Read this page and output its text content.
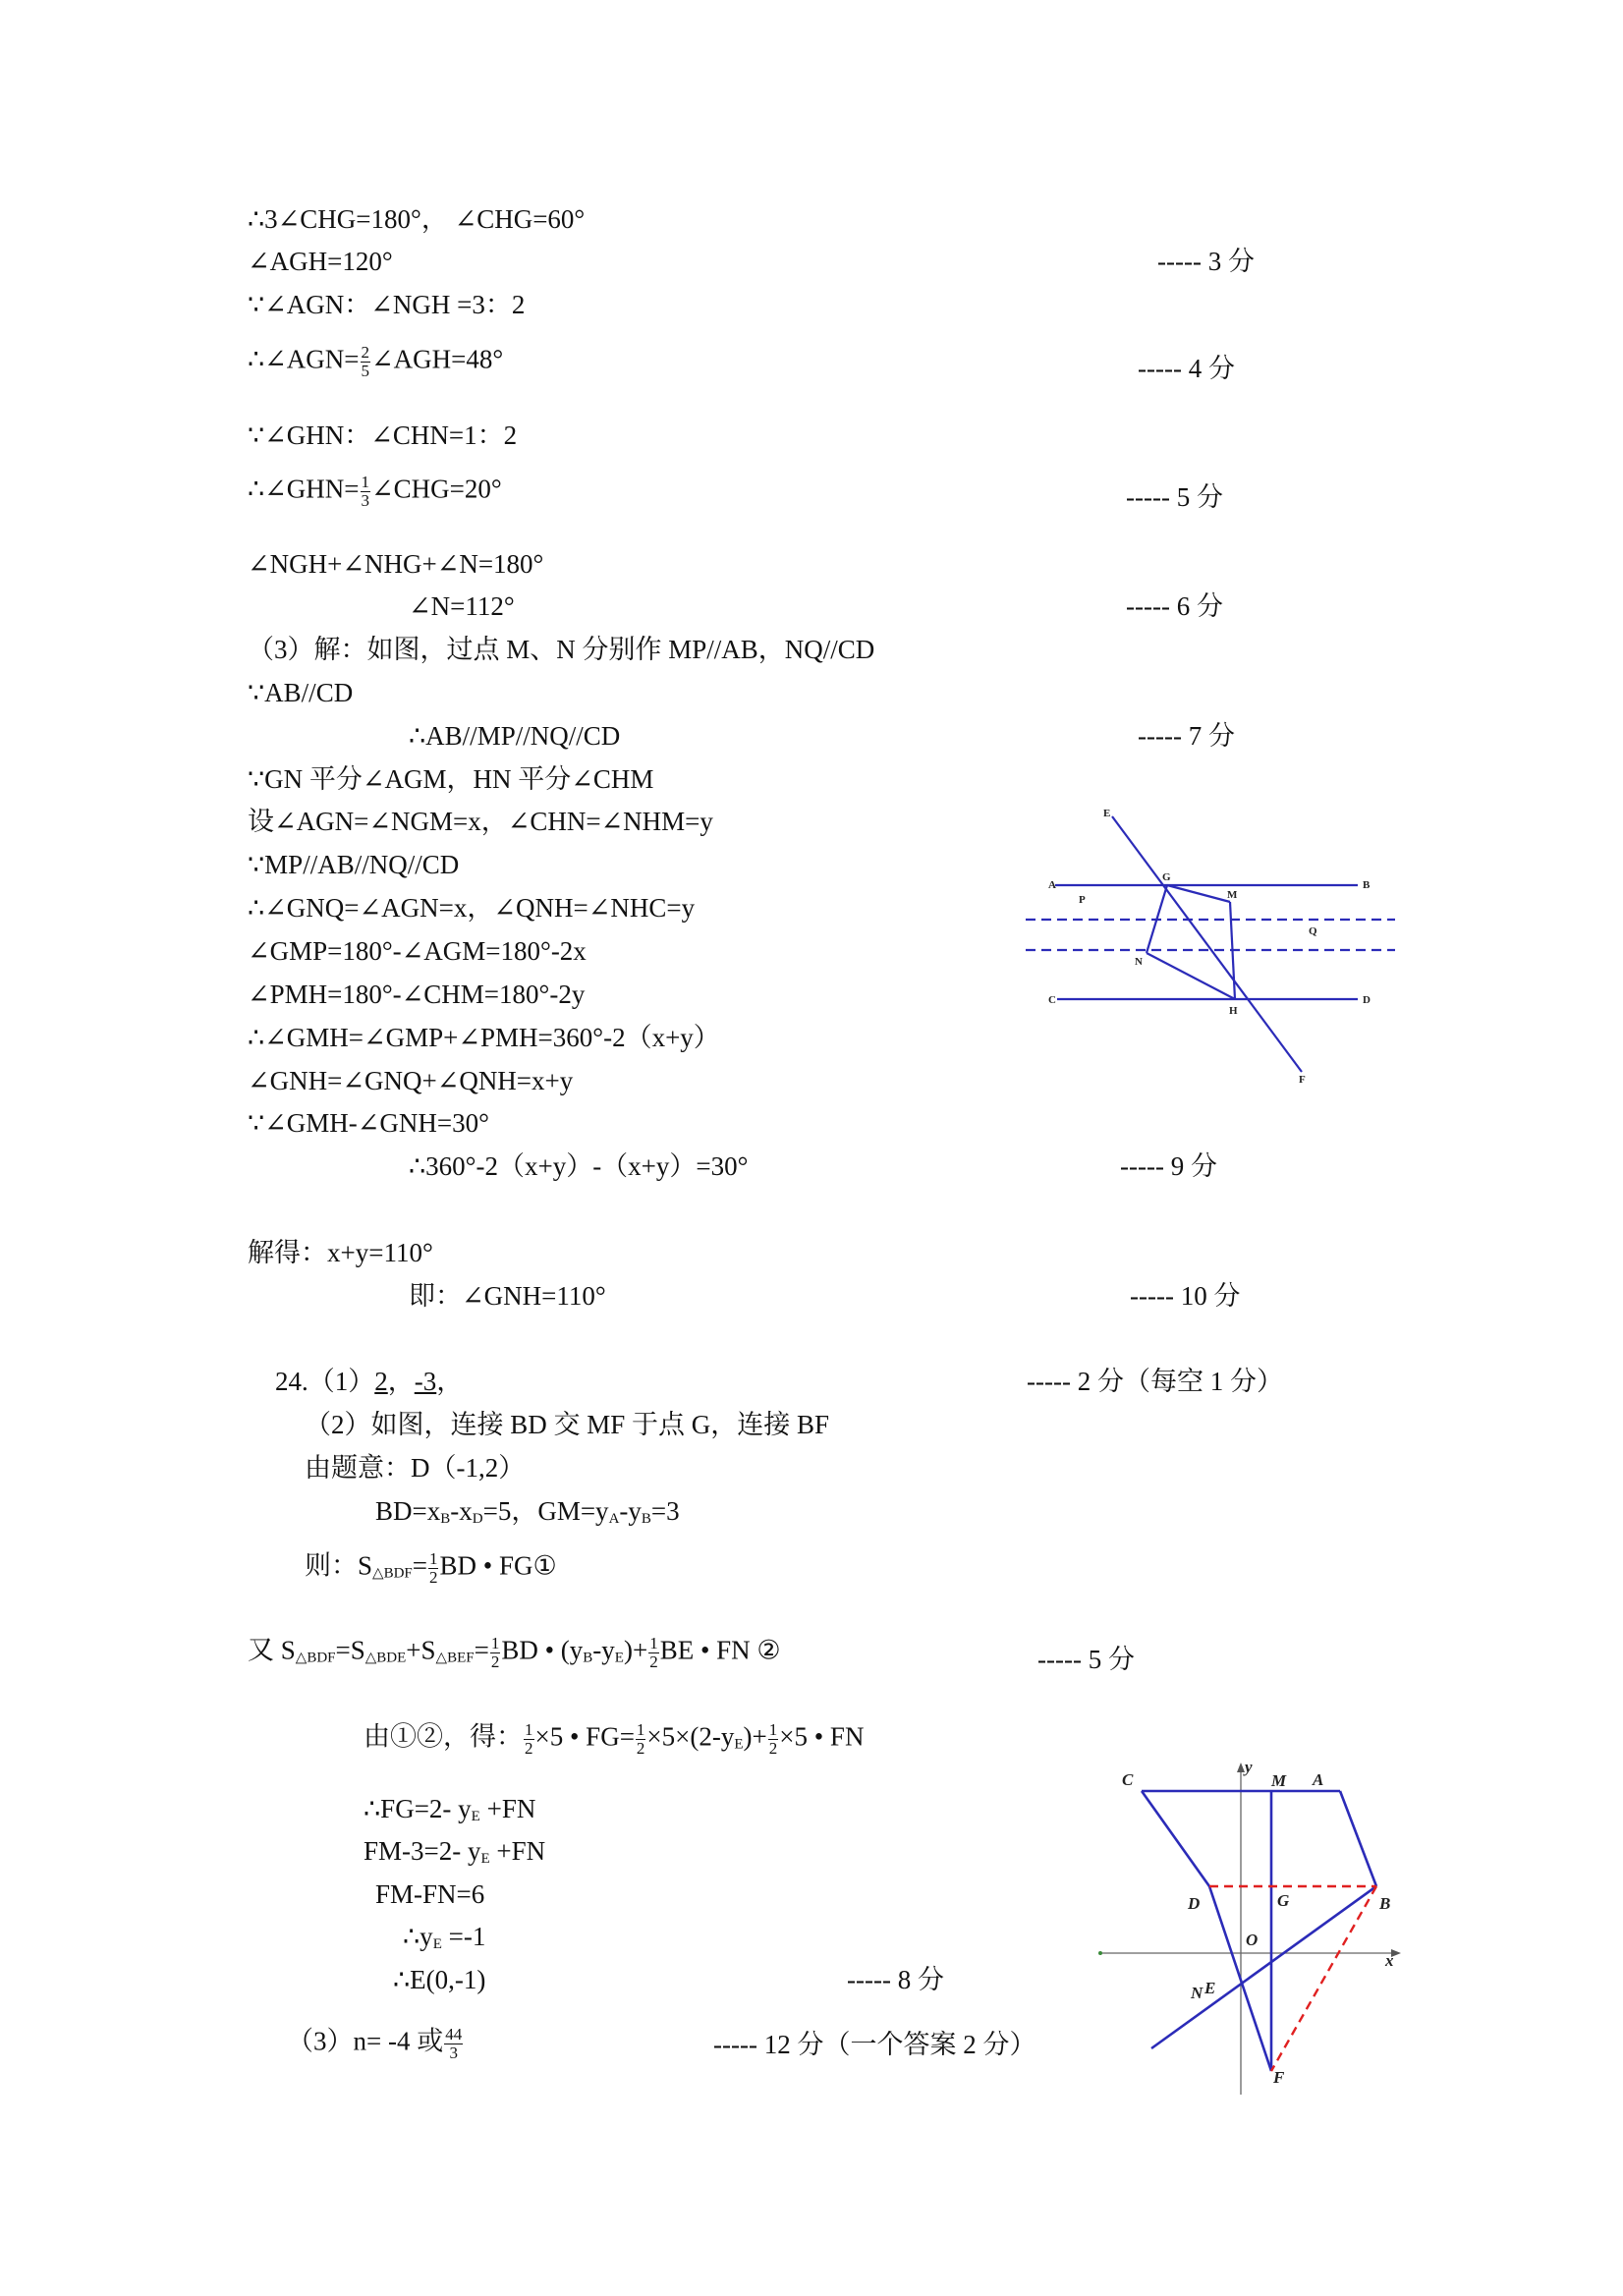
∴3∠CHG=180°， ∠CHG=60°
∠AGH=120°	----- 3 分
∵∠AGN：∠NGH =3：2
∴∠AGN= $\frac{2}{5}$ ∠AGH=48°	----- 4 分
∵∠GHN：∠CHN=1：2
∴∠GHN= $\frac{1}{3}$ ∠CHG=20°	----- 5 分
∠NGH+∠NHG+∠N=180°
∠N=112°	----- 6 分
（3）解：如图，过点 M、N 分别作 MP//AB，NQ//CD
∵AB//CD
∴AB//MP//NQ//CD	----- 7 分
∵GN 平分∠AGM，HN 平分∠CHM
设∠AGN=∠NGM=x，∠CHN=∠NHM=y
∵MP//AB//NQ//CD
∴∠GNQ=∠AGN=x，∠QNH=∠NHC=y
∠GMP=180°-∠AGM=180°-2x
∠PMH=180°-∠CHM=180°-2y
∴∠GMH=∠GMP+∠PMH=360°-2（x+y）
∠GNH=∠GNQ+∠QNH=x+y
∵∠GMH-∠GNH=30°
∴360°-2（x+y）-（x+y）=30°	----- 9 分
解得：x+y=110°
即：∠GNH=110°	----- 10 分
E
A	B
P
G
M
Q
N
C	D
H
F
24.（1）2，-3，	----- 2 分（每空 1 分）
（2）如图，连接 BD 交 MF 于点 G，连接 BF
由题意：D（-1,2）
$BD=x_B-x_D=5$，$GM=y_A-y_B=3$
则：$S_{\triangle BDF}= \frac{1}{2}$ BD • FG①
又 $S_{\triangle BDF}=S_{\triangle BDE}+S_{\triangle BEF}= \frac{1}{2}$ BD • $(y_B-y_E)+ \frac{1}{2}$ BE • FN ②	----- 5 分
由①②，得： $\frac{1}{2} \times 5$ • $FG= \frac{1}{2} \times 5\times(2-y_E)+ \frac{1}{2} \times 5$ • FN
∴FG=2- $y_E +FN$
FM-3=2- $y_E +FN$
FM-FN=6
$\therefore y_E =-1$
∴E(0,-1)	----- 8 分
（3）n= -4 或 $\frac{44}{3}$	----- 12 分（一个答案 2 分）
C
y
M A
D	G	B
O
x
N E
F
